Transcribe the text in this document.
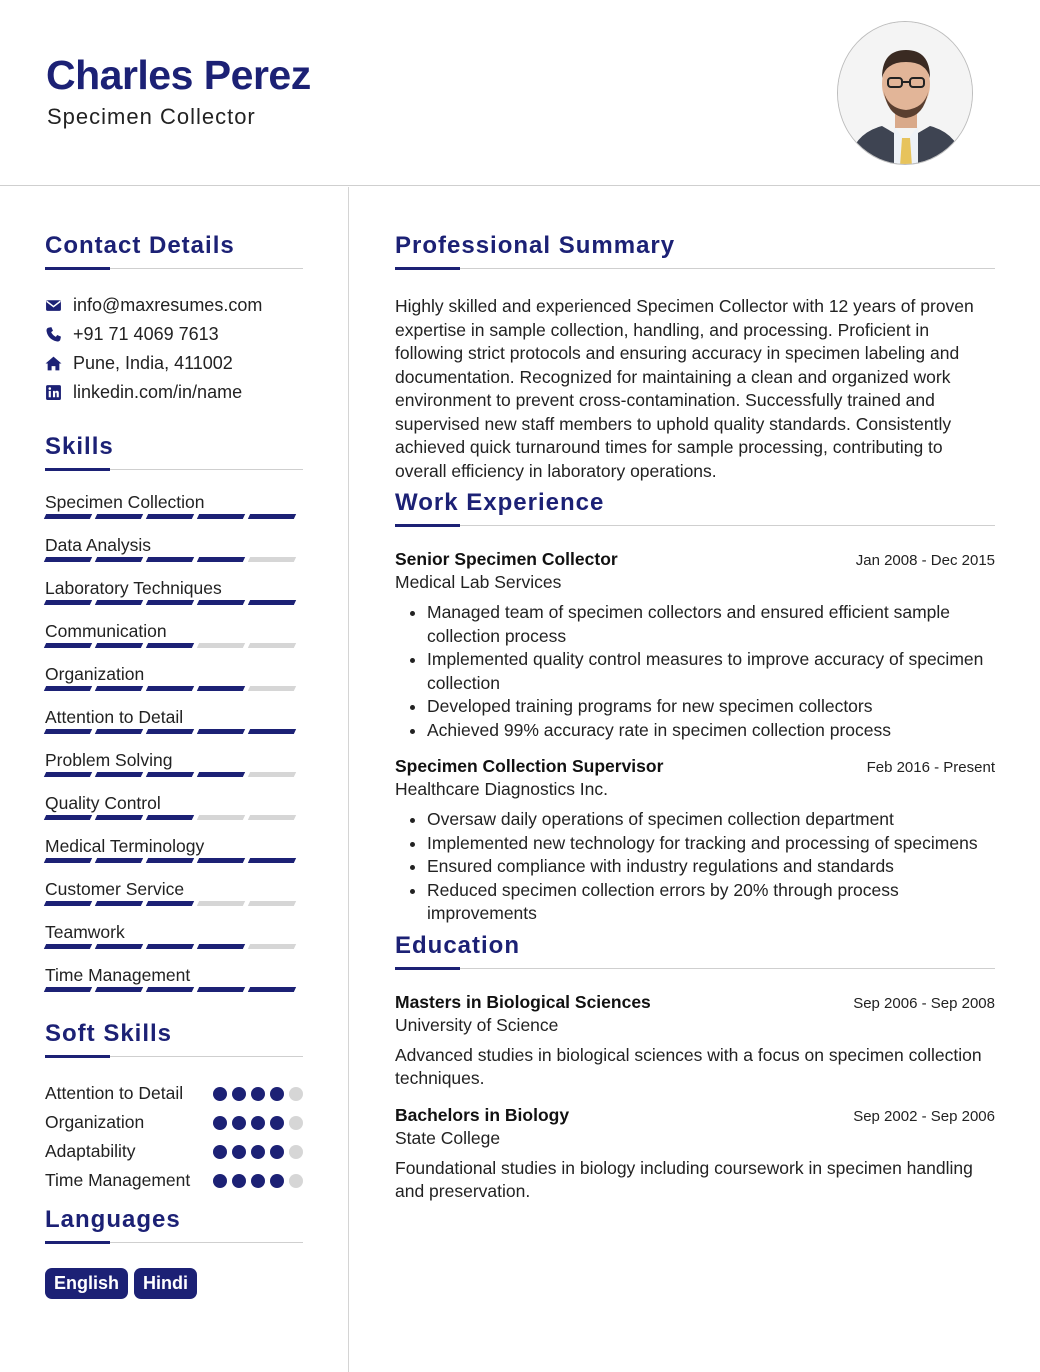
Charles Perez
Specimen Collector
Contact Details
info@maxresumes.com
+91 71 4069 7613
Pune, India, 411002
linkedin.com/in/name
Skills
Specimen Collection
Data Analysis
Laboratory Techniques
Communication
Organization
Attention to Detail
Problem Solving
Quality Control
Medical Terminology
Customer Service
Teamwork
Time Management
Soft Skills
Attention to Detail
Organization
Adaptability
Time Management
Languages
English	Hindi
Professional Summary

Highly skilled and experienced Specimen Collector with 12 years of proven expertise in sample collection, handling, and processing. Proficient in following strict protocols and ensuring accuracy in specimen labeling and documentation. Recognized for maintaining a clean and organized work environment to prevent cross-contamination. Successfully trained and supervised new staff members to uphold quality standards. Consistently achieved quick turnaround times for sample processing, contributing to overall efficiency in laboratory operations.

Work Experience
Senior Specimen Collector	Jan 2008 - Dec 2015
Medical Lab Services
• Managed team of specimen collectors and ensured efficient sample collection process
• Implemented quality control measures to improve accuracy of specimen collection
• Developed training programs for new specimen collectors
• Achieved 99% accuracy rate in specimen collection process
Specimen Collection Supervisor	Feb 2016 - Present
Healthcare Diagnostics Inc.
• Oversaw daily operations of specimen collection department
• Implemented new technology for tracking and processing of specimens
• Ensured compliance with industry regulations and standards
• Reduced specimen collection errors by 20% through process improvements
Education
Masters in Biological Sciences	Sep 2006 - Sep 2008
University of Science

Advanced studies in biological sciences with a focus on specimen collection techniques.

Bachelors in Biology	Sep 2002 - Sep 2006
State College

Foundational studies in biology including coursework in specimen handling and preservation.
